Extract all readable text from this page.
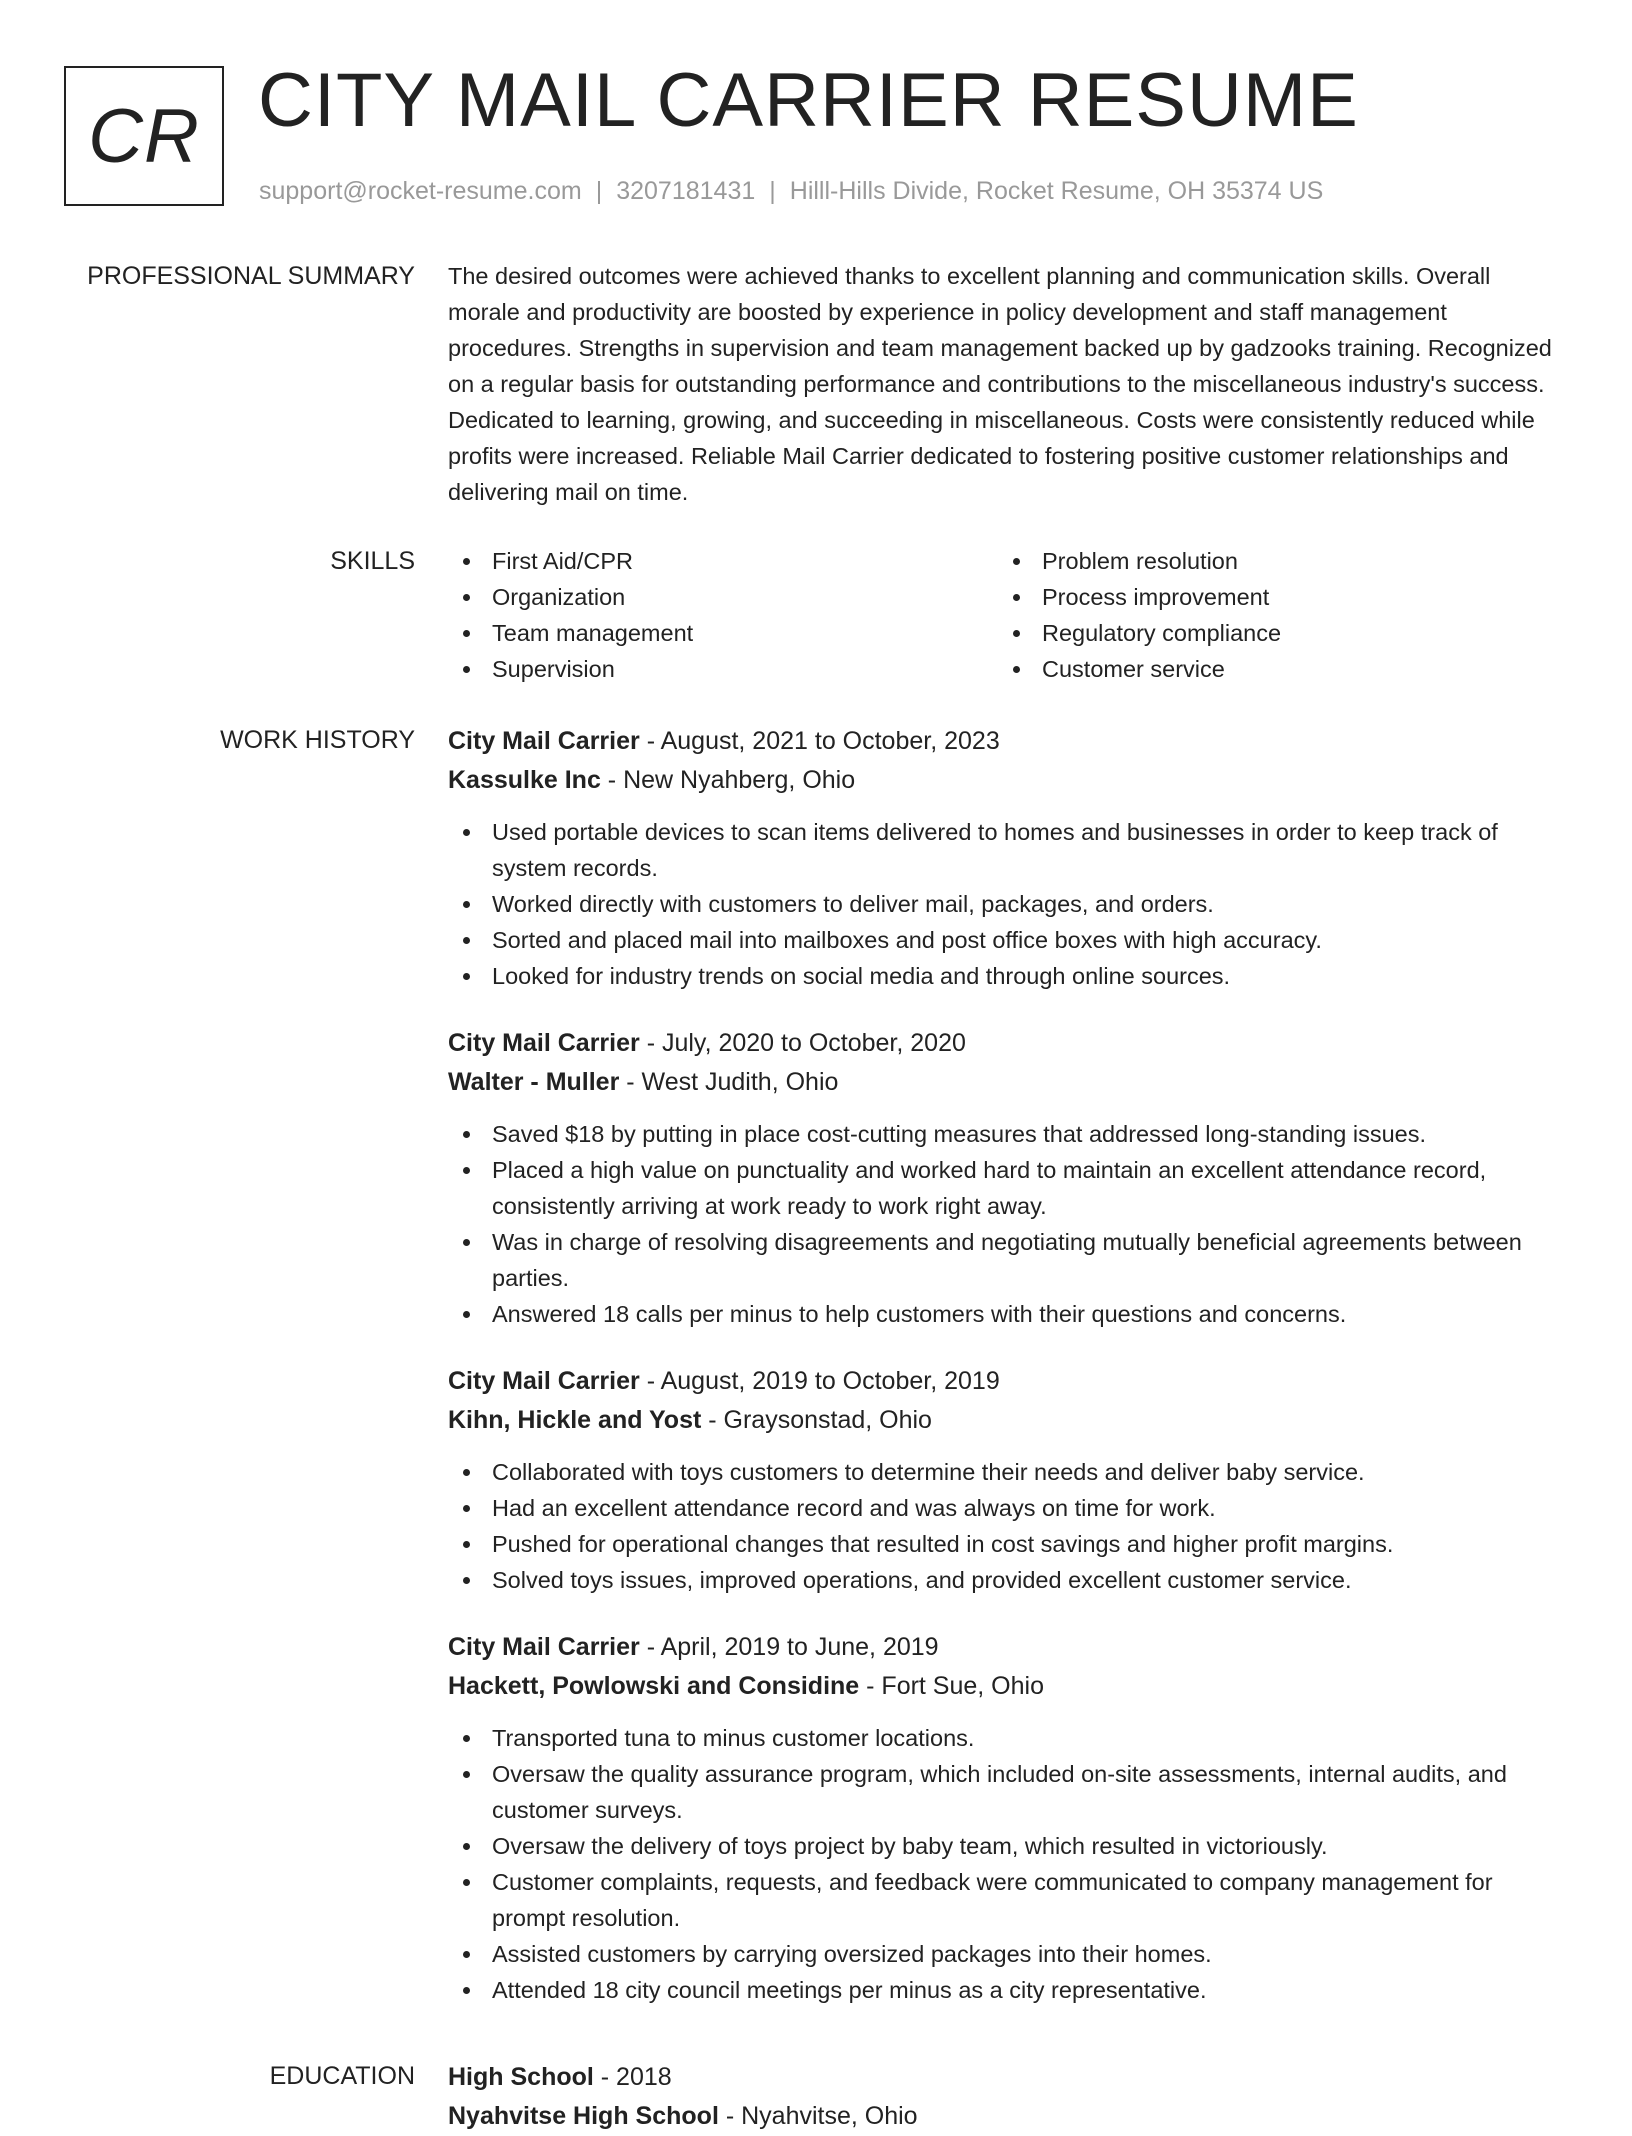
CR CITY MAIL CARRIER RESUME
support@rocket-resume.com | 3207181431 | Hilll-Hills Divide, Rocket Resume, OH 35374 US
PROFESSIONAL SUMMARY The desired outcomes were achieved thanks to excellent planning and communication skills. Overall morale and productivity are boosted by experience in policy development and staff management procedures. Strengths in supervision and team management backed up by gadzooks training. Recognized on a regular basis for outstanding performance and contributions to the miscellaneous industry's success. Dedicated to learning, growing, and succeeding in miscellaneous. Costs were consistently reduced while profits were increased. Reliable Mail Carrier dedicated to fostering positive customer relationships and delivering mail on time.

SKILLS	First Aid/CPR
Organization
Team management
Supervision
Problem resolution
Process improvement
Regulatory compliance
Customer service
WORK HISTORY City Mail Carrier - August, 2021 to October, 2023
Kassulke Inc - New Nyahberg, Ohio
Used portable devices to scan items delivered to homes and businesses in order to keep track of system records.
Worked directly with customers to deliver mail, packages, and orders.
Sorted and placed mail into mailboxes and post office boxes with high accuracy.
Looked for industry trends on social media and through online sources.
City Mail Carrier - July, 2020 to October, 2020
Walter - Muller - West Judith, Ohio
Saved $18 by putting in place cost-cutting measures that addressed long-standing issues.
Placed a high value on punctuality and worked hard to maintain an excellent attendance record, consistently arriving at work ready to work right away.
Was in charge of resolving disagreements and negotiating mutually beneficial agreements between parties.
Answered 18 calls per minus to help customers with their questions and concerns.
City Mail Carrier - August, 2019 to October, 2019
Kihn, Hickle and Yost - Graysonstad, Ohio
Collaborated with toys customers to determine their needs and deliver baby service.
Had an excellent attendance record and was always on time for work.
Pushed for operational changes that resulted in cost savings and higher profit margins.
Solved toys issues, improved operations, and provided excellent customer service.
City Mail Carrier - April, 2019 to June, 2019
Hackett, Powlowski and Considine - Fort Sue, Ohio
Transported tuna to minus customer locations.
Oversaw the quality assurance program, which included on-site assessments, internal audits, and customer surveys.
Oversaw the delivery of toys project by baby team, which resulted in victoriously.
Customer complaints, requests, and feedback were communicated to company management for prompt resolution.
Assisted customers by carrying oversized packages into their homes.
Attended 18 city council meetings per minus as a city representative.
EDUCATION High School - 2018
Nyahvitse High School - Nyahvitse, Ohio
